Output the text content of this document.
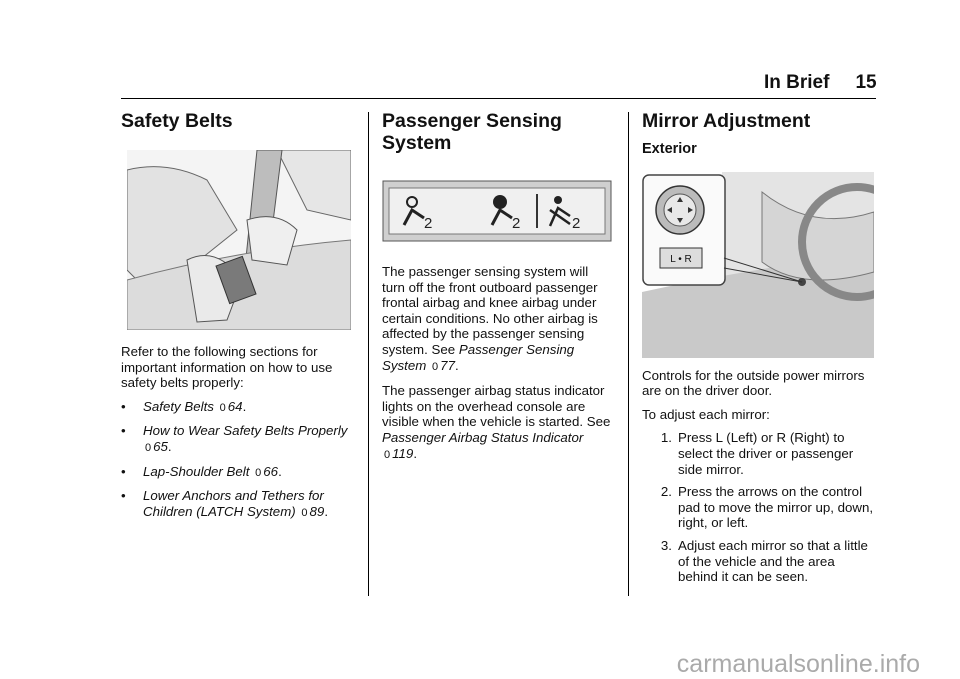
In Brief 15
Safety Belts

Refer to the following sections for important information on how to use safety belts properly:

•	Safety Belts 0 64.
•	How to Wear Safety Belts Properly 0 65.
•	Lap-Shoulder Belt 0 66.
•	Lower Anchors and Tethers for Children (LATCH System) 0 89.
Passenger Sensing System
2	2	2

The passenger sensing system will turn off the front outboard passenger frontal airbag and knee airbag under certain conditions. No other airbag is affected by the passenger sensing system. See Passenger Sensing System 0 77.

The passenger airbag status indicator lights on the overhead console are visible when the vehicle is started. See Passenger Airbag Status Indicator 0 119.

Mirror Adjustment
Exterior
L • R

Controls for the outside power mirrors are on the driver door.

To adjust each mirror:

1. Press L (Left) or R (Right) to select the driver or passenger side mirror.
2. Press the arrows on the control pad to move the mirror up, down, right, or left.
3. Adjust each mirror so that a little of the vehicle and the area behind it can be seen.
carmanualsonline.info
